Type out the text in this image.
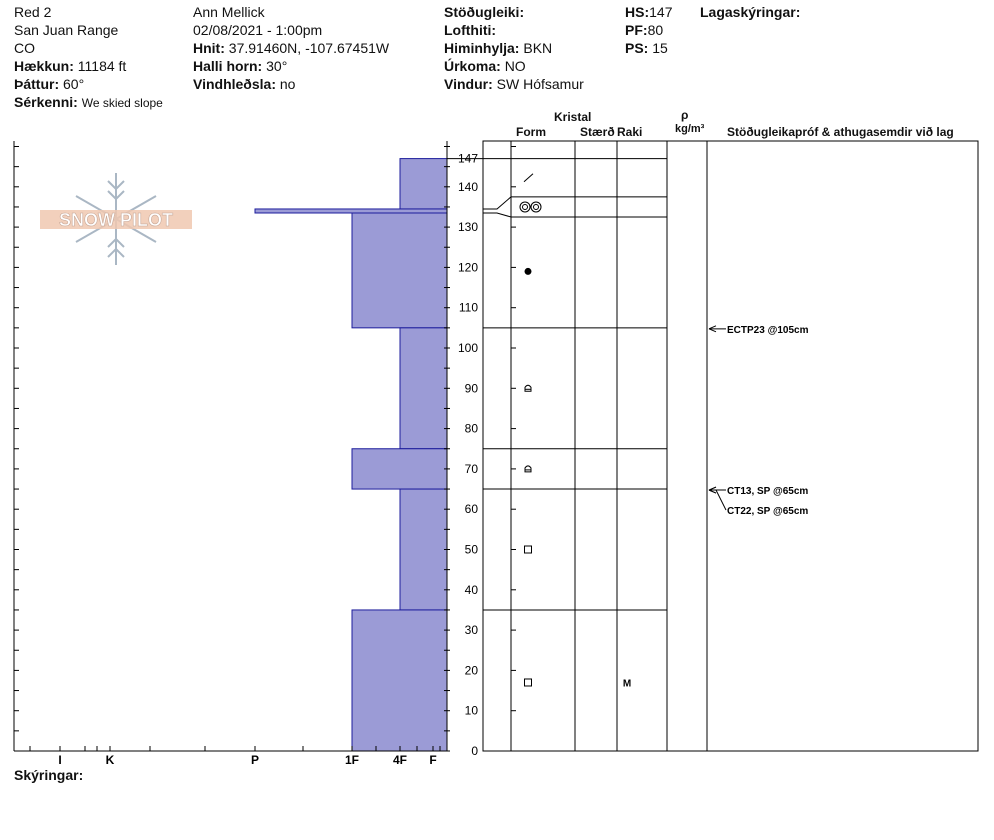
Red 2
San Juan Range
CO
Hækkun: 11184 ft
Þáttur: 60°
Sérkenni: We skied slope
Ann Mellick
02/08/2021 - 1:00pm
Hnit: 37.91460N, -107.67451W
Halli horn: 30°
Vindhleðsla: no
Stöðugleiki:
Lofthiti:
Himinhylja: BKN
Úrkoma: NO
Vindur: SW Hófsamur
HS:147
PF:80
PS: 15
Lagaskýringar:
Kristal
Form	Stærð Raki
ρ
kg/m³ Stöðugleikapróf & athugasemdir við lag
Skýringar:
SNOW PILOT
147
140
130
120
110
100
90
80
70
60
50
40
30
20
10
0
I	K	P	1F	4F F
M
ECTP23 @105cm
CT13, SP @65cm
CT22, SP @65cm
